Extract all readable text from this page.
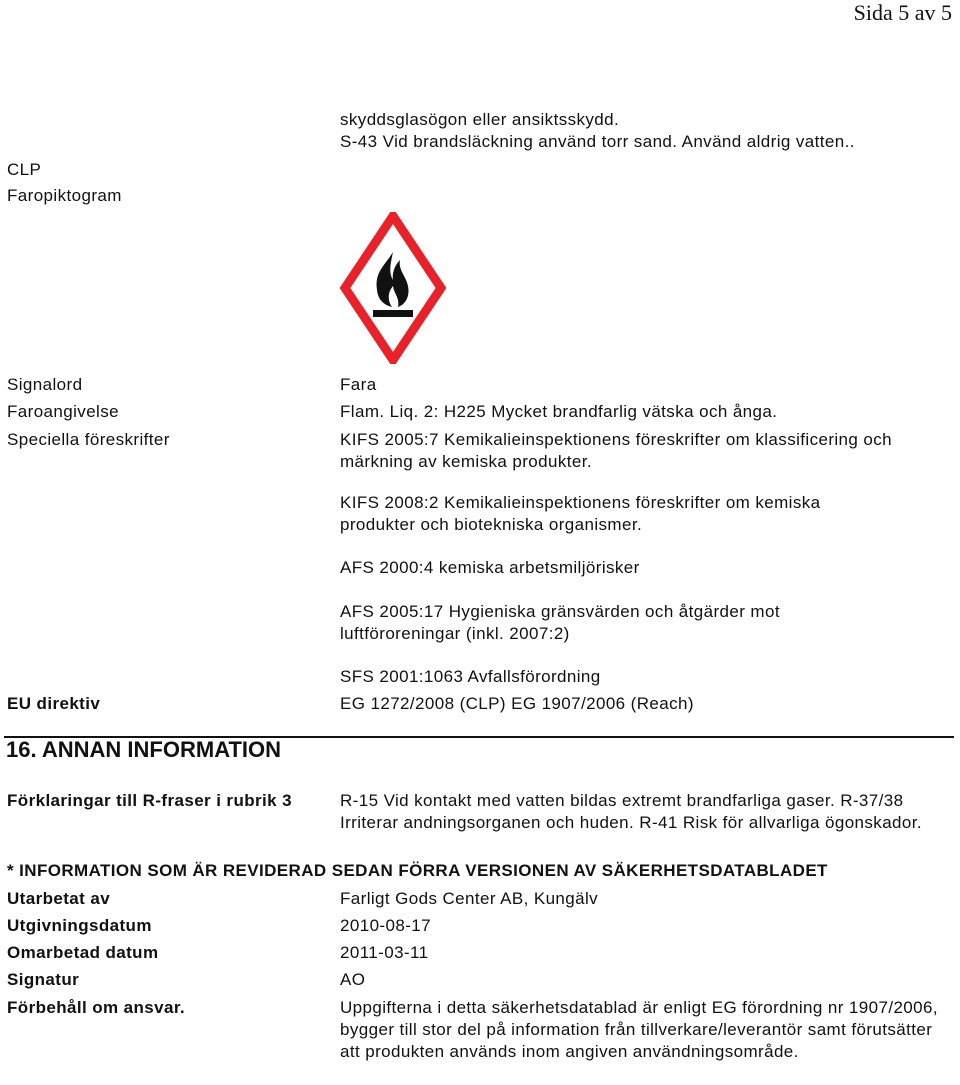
Sida 5 av 5
skyddsglasögon eller ansiktsskydd.
S-43 Vid brandsläckning använd torr sand. Använd aldrig vatten..
CLP
Faropiktogram
Signalord	Fara
Faroangivelse	Flam. Liq. 2: H225 Mycket brandfarlig vätska och ånga.
Speciella föreskrifter	KIFS 2005:7 Kemikalieinspektionens föreskrifter om klassificering och märkning av kemiska produkter.
KIFS 2008:2 Kemikalieinspektionens föreskrifter om kemiska produkter och biotekniska organismer.
AFS 2000:4 kemiska arbetsmiljörisker
AFS 2005:17 Hygieniska gränsvärden och åtgärder mot luftföroreningar (inkl. 2007:2)
SFS 2001:1063 Avfallsförordning
EU direktiv	EG 1272/2008 (CLP) EG 1907/2006 (Reach)
16. ANNAN INFORMATION
Förklaringar till R-fraser i rubrik 3	R-15 Vid kontakt med vatten bildas extremt brandfarliga gaser. R-37/38 Irriterar andningsorganen och huden. R-41 Risk för allvarliga ögonskador.
* INFORMATION SOM ÄR REVIDERAD SEDAN FÖRRA VERSIONEN AV SÄKERHETSDATABLADET
Utarbetat av	Farligt Gods Center AB, Kungälv
Utgivningsdatum	2010-08-17
Omarbetad datum	2011-03-11
Signatur	AO
Förbehåll om ansvar.	Uppgifterna i detta säkerhetsdatablad är enligt EG förordning nr 1907/2006, bygger till stor del på information från tillverkare/leverantör samt förutsätter att produkten används inom angiven användningsområde.
